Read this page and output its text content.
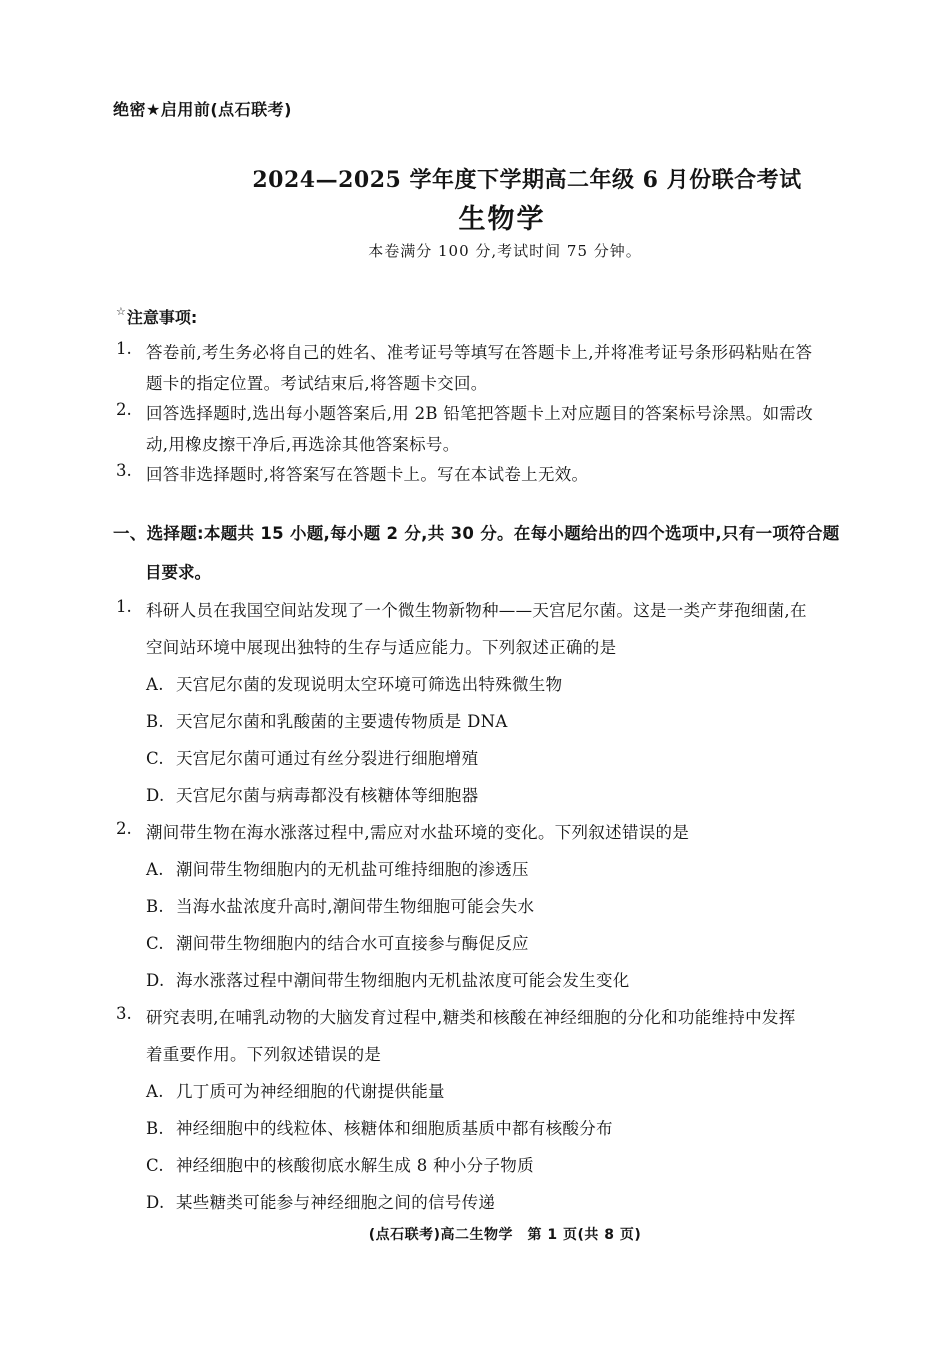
绝密★启用前(点石联考)
2024—2025 学年度下学期高二年级 6 月份联合考试
生物学
本卷满分 100 分,考试时间 75 分钟。
☆注意事项:
1. 答卷前,考生务必将自己的姓名、准考证号等填写在答题卡上,并将准考证号条形码粘贴在答
题卡的指定位置。考试结束后,将答题卡交回。
2. 回答选择题时,选出每小题答案后,用 2B 铅笔把答题卡上对应题目的答案标号涂黑。如需改
动,用橡皮擦干净后,再选涂其他答案标号。
3. 回答非选择题时,将答案写在答题卡上。写在本试卷上无效。
一、选择题:本题共 15 小题,每小题 2 分,共 30 分。在每小题给出的四个选项中,只有一项符合题
目要求。
1. 科研人员在我国空间站发现了一个微生物新物种——天宫尼尔菌。这是一类产芽孢细菌,在
空间站环境中展现出独特的生存与适应能力。下列叙述正确的是
A. 天宫尼尔菌的发现说明太空环境可筛选出特殊微生物
B. 天宫尼尔菌和乳酸菌的主要遗传物质是 DNA
C. 天宫尼尔菌可通过有丝分裂进行细胞增殖
D. 天宫尼尔菌与病毒都没有核糖体等细胞器
2. 潮间带生物在海水涨落过程中,需应对水盐环境的变化。下列叙述错误的是
A. 潮间带生物细胞内的无机盐可维持细胞的渗透压
B. 当海水盐浓度升高时,潮间带生物细胞可能会失水
C. 潮间带生物细胞内的结合水可直接参与酶促反应
D. 海水涨落过程中潮间带生物细胞内无机盐浓度可能会发生变化
3. 研究表明,在哺乳动物的大脑发育过程中,糖类和核酸在神经细胞的分化和功能维持中发挥
着重要作用。下列叙述错误的是
A. 几丁质可为神经细胞的代谢提供能量
B. 神经细胞中的线粒体、核糖体和细胞质基质中都有核酸分布
C. 神经细胞中的核酸彻底水解生成 8 种小分子物质
D. 某些糖类可能参与神经细胞之间的信号传递
(点石联考)高二生物学　第 1 页(共 8 页)
